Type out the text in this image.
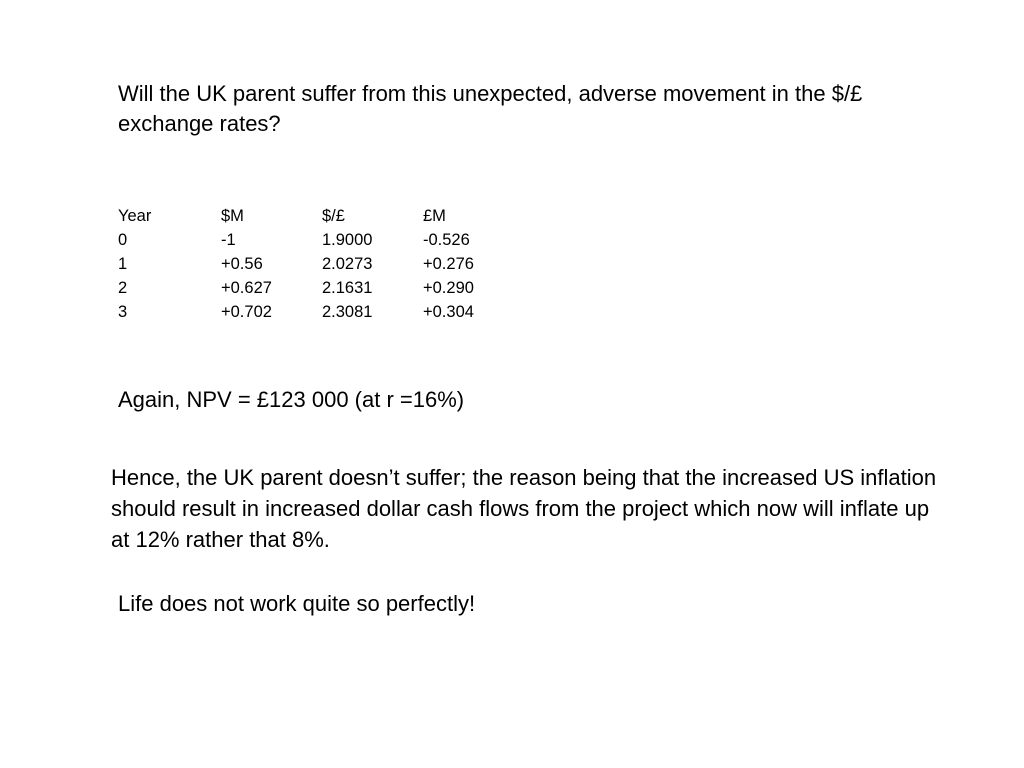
Will the UK parent suffer from this unexpected, adverse movement in the $/£ exchange rates?

Year	$M	$/£	£M
0	-1	1.9000	-0.526
1	+0.56	2.0273	+0.276
2	+0.627	2.1631	+0.290
3	+0.702	2.3081	+0.304

Again, NPV = £123 000 (at r =16%)

Hence, the UK parent doesn’t suffer; the reason being that the increased US inflation should result in increased dollar cash flows from the project which now will inflate up at 12% rather that 8%.

Life does not work quite so perfectly!
